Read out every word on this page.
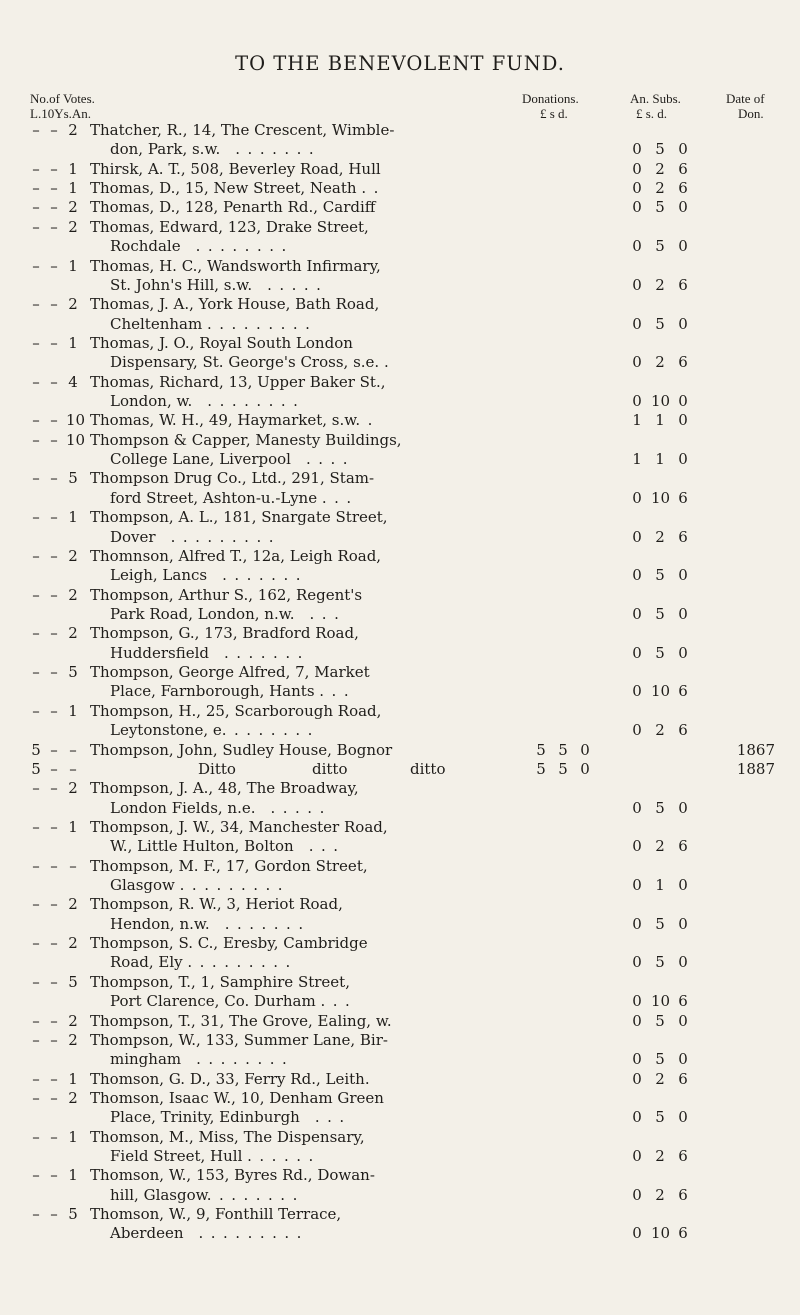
TO THE BENEVOLENT FUND.
No.of Votes.
L.10Ys.An.
Donations.
£ s d.
An. Subs.
£ s. d.
Date of
Don.
– – 2 Thatcher, R., 14, The Crescent, Wimble-
don, Park, s.w. . . . . . . .	0 5 0
– – 1 Thirsk, A. T., 508, Beverley Road, Hull	0 2 6
– – 1 Thomas, D., 15, New Street, Neath . .	0 2 6
– – 2 Thomas, D., 128, Penarth Rd., Cardiff	0 5 0
– – 2 Thomas, Edward, 123, Drake Street,
Rochdale . . . . . . . .	0 5 0
– – 1 Thomas, H. C., Wandsworth Infirmary,
St. John's Hill, s.w. . . . . .	0 2 6
– – 2 Thomas, J. A., York House, Bath Road,
Cheltenham . . . . . . . . .	0 5 0
– – 1 Thomas, J. O., Royal South London
Dispensary, St. George's Cross, s.e. .	0 2 6
– – 4 Thomas, Richard, 13, Upper Baker St.,
London, w. . . . . . . . .	0 10 0
– – 10 Thomas, W. H., 49, Haymarket, s.w. .	1 1 0
– – 10 Thompson & Capper, Manesty Buildings,
College Lane, Liverpool . . . .	1 1 0
– – 5 Thompson Drug Co., Ltd., 291, Stam-
ford Street, Ashton-u.-Lyne . . .	0 10 6
– – 1 Thompson, A. L., 181, Snargate Street,
Dover . . . . . . . . .	0 2 6
– – 2 Thomnson, Alfred T., 12a, Leigh Road,
Leigh, Lancs . . . . . . .	0 5 0
– – 2 Thompson, Arthur S., 162, Regent's
Park Road, London, n.w. . . .	0 5 0
– – 2 Thompson, G., 173, Bradford Road,
Huddersfield . . . . . . .	0 5 0
– – 5 Thompson, George Alfred, 7, Market
Place, Farnborough, Hants . . .	0 10 6
– – 1 Thompson, H., 25, Scarborough Road,
Leytonstone, e. . . . . . . .	0 2 6
5 – – Thompson, John, Sudley House, Bognor	5 5 0	1867
5 – –	Ditto	ditto	ditto	5 5 0	1887
– – 2 Thompson, J. A., 48, The Broadway,
London Fields, n.e. . . . . .	0 5 0
– – 1 Thompson, J. W., 34, Manchester Road,
W., Little Hulton, Bolton . . .	0 2 6
– – – Thompson, M. F., 17, Gordon Street,
Glasgow . . . . . . . . .	0 1 0
– – 2 Thompson, R. W., 3, Heriot Road,
Hendon, n.w. . . . . . . .	0 5 0
– – 2 Thompson, S. C., Eresby, Cambridge
Road, Ely . . . . . . . . .	0 5 0
– – 5 Thompson, T., 1, Samphire Street,
Port Clarence, Co. Durham . . .	0 10 6
– – 2 Thompson, T., 31, The Grove, Ealing, w.	0 5 0
– – 2 Thompson, W., 133, Summer Lane, Bir-
mingham . . . . . . . .	0 5 0
– – 1 Thomson, G. D., 33, Ferry Rd., Leith.	0 2 6
– – 2 Thomson, Isaac W., 10, Denham Green
Place, Trinity, Edinburgh . . .	0 5 0
– – 1 Thomson, M., Miss, The Dispensary,
Field Street, Hull . . . . . .	0 2 6
– – 1 Thomson, W., 153, Byres Rd., Dowan-
hill, Glasgow. . . . . . . .	0 2 6
– – 5 Thomson, W., 9, Fonthill Terrace,
Aberdeen . . . . . . . . .	0 10 6
